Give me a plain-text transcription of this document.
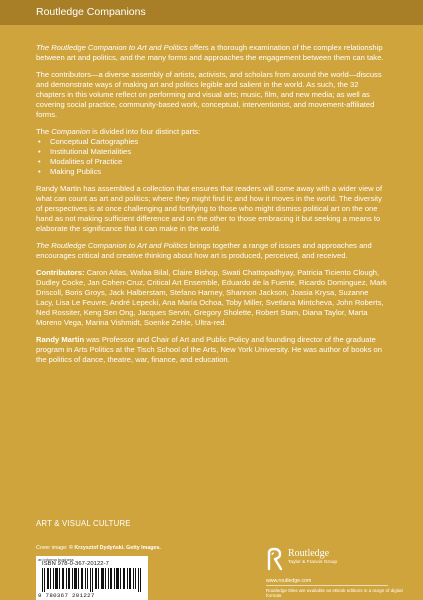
Routledge Companions

The Routledge Companion to Art and Politics offers a thorough examination of the complex relationship between art and politics, and the many forms and approaches the engagement between them can take.

The contributors—a diverse assembly of artists, activists, and scholars from around the world—discuss and demonstrate ways of making art and politics legible and salient in the world. As such, the 32 chapters in this volume reflect on performing and visual arts; music, film, and new media; as well as covering social practice, community-based work, conceptual, interventionist, and movement-affiliated forms.

The Companion is divided into four distinct parts:

• Conceptual Cartographies
• Institutional Materialities
• Modalities of Practice
• Making Publics

Randy Martin has assembled a collection that ensures that readers will come away with a wider view of what can count as art and politics; where they might find it; and how it moves in the world. The diversity of perspectives is at once challenging and fortifying to those who might dismiss political art on the one hand as not making sufficient difference and on the other to those embracing it but seeking a means to elaborate the significance that it can make in the world.

The Routledge Companion to Art and Politics brings together a range of issues and approaches and encourages critical and creative thinking about how art is produced, perceived, and received.

Contributors: Caron Atlas, Wafaa Bilal, Claire Bishop, Swati Chattopadhyay, Patricia Ticiento Clough, Dudley Cocke, Jan Cohen-Cruz, Critical Art Ensemble, Eduardo de la Fuente, Ricardo Dominguez, Mark Driscoll, Boris Groys, Jack Halberstam, Stefano Harney, Shannon Jackson, Joasia Krysa, Suzanne Lacy, Lisa Le Feuvre, André Lepecki, Ana María Ochoa, Toby Miller, Svetlana Mintcheva, John Roberts, Ned Rossiter, Keng Sen Ong, Jacques Servin, Gregory Sholette, Robert Stam, Diana Taylor, Marta Moreno Vega, Marina Vishmidt, Soenke Zehle, Ultra-red.

Randy Martin was Professor and Chair of Art and Public Policy and founding director of the graduate program in Arts Politics at the Tisch School of the Arts, New York University. He was author of books on the politics of dance, theatre, war, finance, and education.

ART & VISUAL CULTURE
Cover image: © Krzysztof Dydyński. Getty Images.
an informa business
ISBN 978-0-367-20122-7
9 780367 201227
Routledge
Taylor & Francis Group
www.routledge.com
Routledge titles are available as eBook editions in a range of digital formats
